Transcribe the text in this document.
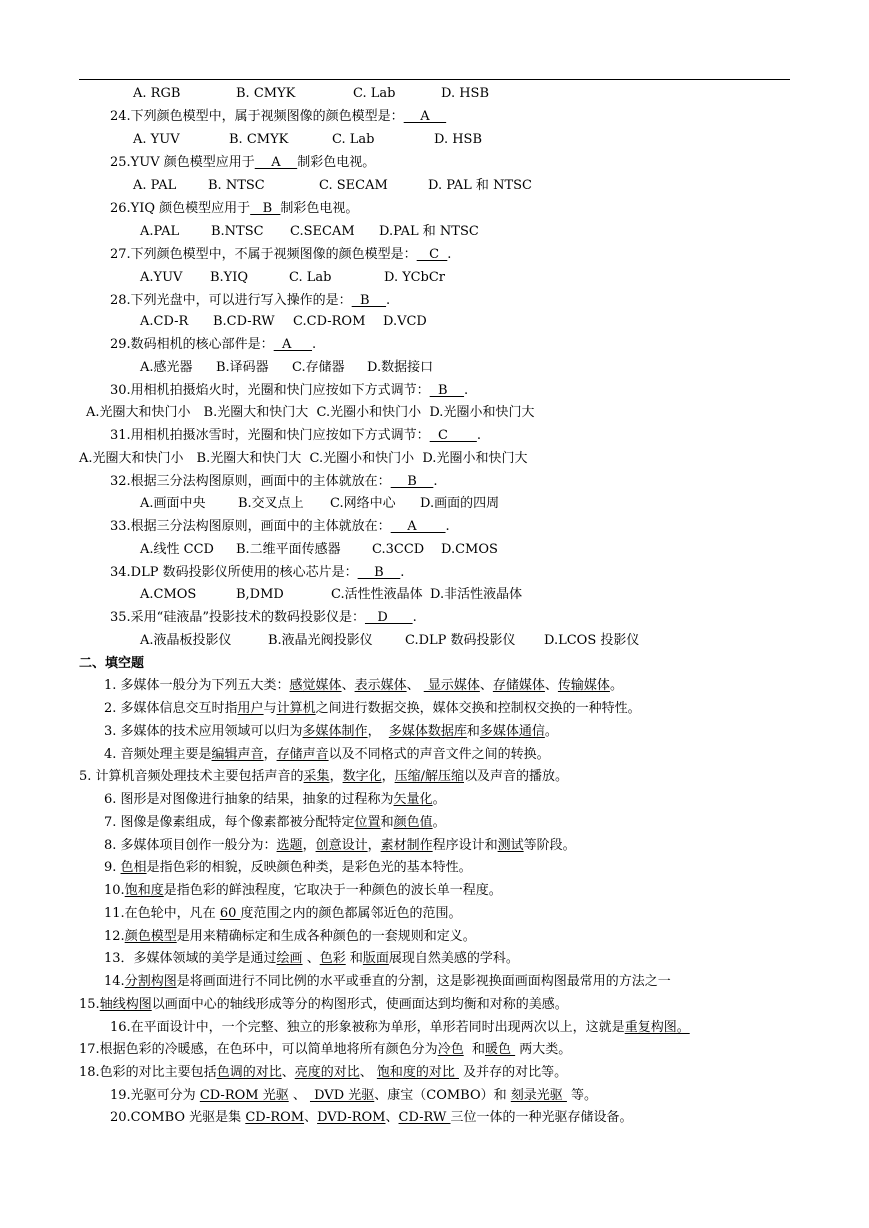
A. RGB	B. CMYK	C. Lab	D. HSB
24.下列颜色模型中，属于视频图像的颜色模型是：    A
A. YUV	B. CMYK	C. Lab	D. HSB
25.YUV 颜色模型应用于    A    制彩色电视。
A. PAL B. NTSC	C. SECAM	D. PAL 和 NTSC
26.YIQ 颜色模型应用于   B  制彩色电视。
A.PAL B.NTSC C.SECAM D.PAL 和 NTSC
27.下列颜色模型中，不属于视频图像的颜色模型是：   C  .
A.YUV B.YIQ	C. Lab	D. YCbCr
28.下列光盘中，可以进行写入操作的是：  B    .
A.CD-R B.CD-RW C.CD-ROM D.VCD
29.数码相机的核心部件是：  A     .
A.感光器 B.译码器 C.存储器 D.数据接口
30.用相机拍摄焰火时，光圈和快门应按如下方式调节：  B    .
A.光圈大和快门小　B.光圈大和快门大  C.光圈小和快门小  D.光圈小和快门大
31.用相机拍摄冰雪时，光圈和快门应按如下方式调节：  C       .
A.光圈大和快门小　B.光圈大和快门大  C.光圈小和快门小  D.光圈小和快门大
32.根据三分法构图原则，画面中的主体就放在：    B    .
A.画面中央 B.交叉点上 C.网络中心 D.画面的四周
33.根据三分法构图原则，画面中的主体就放在：    A       .
A.线性 CCD B.二维平面传感器 C.3CCD D.CMOS
34.DLP 数码投影仪所使用的核心芯片是：    B    .
A.CMOS	B,DMD	C.活性性液晶体 D.非活性液晶体
35.采用“硅液晶”投影技术的数码投影仪是：   D      .
A.液晶板投影仪	B.液晶光阀投影仪 C.DLP 数码投影仪 D.LCOS 投影仪
二、填空题
1. 多媒体一般分为下列五大类：感觉媒体、表示媒体、  显示媒体、存储媒体、传输媒体。
2. 多媒体信息交互时指用户与计算机之间进行数据交换，媒体交换和控制权交换的一种特性。
3. 多媒体的技术应用领域可以归为多媒体制作，  多媒体数据库和多媒体通信。
4. 音频处理主要是编辑声音，存储声音以及不同格式的声音文件之间的转换。
5. 计算机音频处理技术主要包括声音的采集，数字化，压缩/解压缩以及声音的播放。
6. 图形是对图像进行抽象的结果，抽象的过程称为矢量化。
7. 图像是像素组成，每个像素都被分配特定位置和颜色值。
8. 多媒体项目创作一般分为：选题，创意设计，素材制作程序设计和测试等阶段。
9. 色相是指色彩的相貌，反映颜色种类，是彩色光的基本特性。
10.饱和度是指色彩的鲜浊程度，它取决于一种颜色的波长单一程度。
11.在色轮中，凡在 60 度范围之内的颜色都属邻近色的范围。
12.颜色模型是用来精确标定和生成各种颜色的一套规则和定义。
13．多媒体领域的美学是通过绘画 、色彩 和版面展现自然美感的学科。
14.分割构图是将画面进行不同比例的水平或垂直的分割，这是影视换面画面构图最常用的方法之一
15.轴线构图以画面中心的轴线形成等分的构图形式，使画面达到均衡和对称的美感。
16.在平面设计中，一个完整、独立的形象被称为单形，单形若同时出现两次以上，这就是重复构图。
17.根据色彩的冷暖感，在色环中，可以简单地将所有颜色分为冷色  和暖色  两大类。
18.色彩的对比主要包括色调的对比、亮度的对比、 饱和度的对比  及并存的对比等。
19.光驱可分为 CD-ROM 光驱 、  DVD 光驱、康宝（COMBO）和 刻录光驱  等。
20.COMBO 光驱是集 CD-ROM、DVD-ROM、CD-RW 三位一体的一种光驱存储设备。
